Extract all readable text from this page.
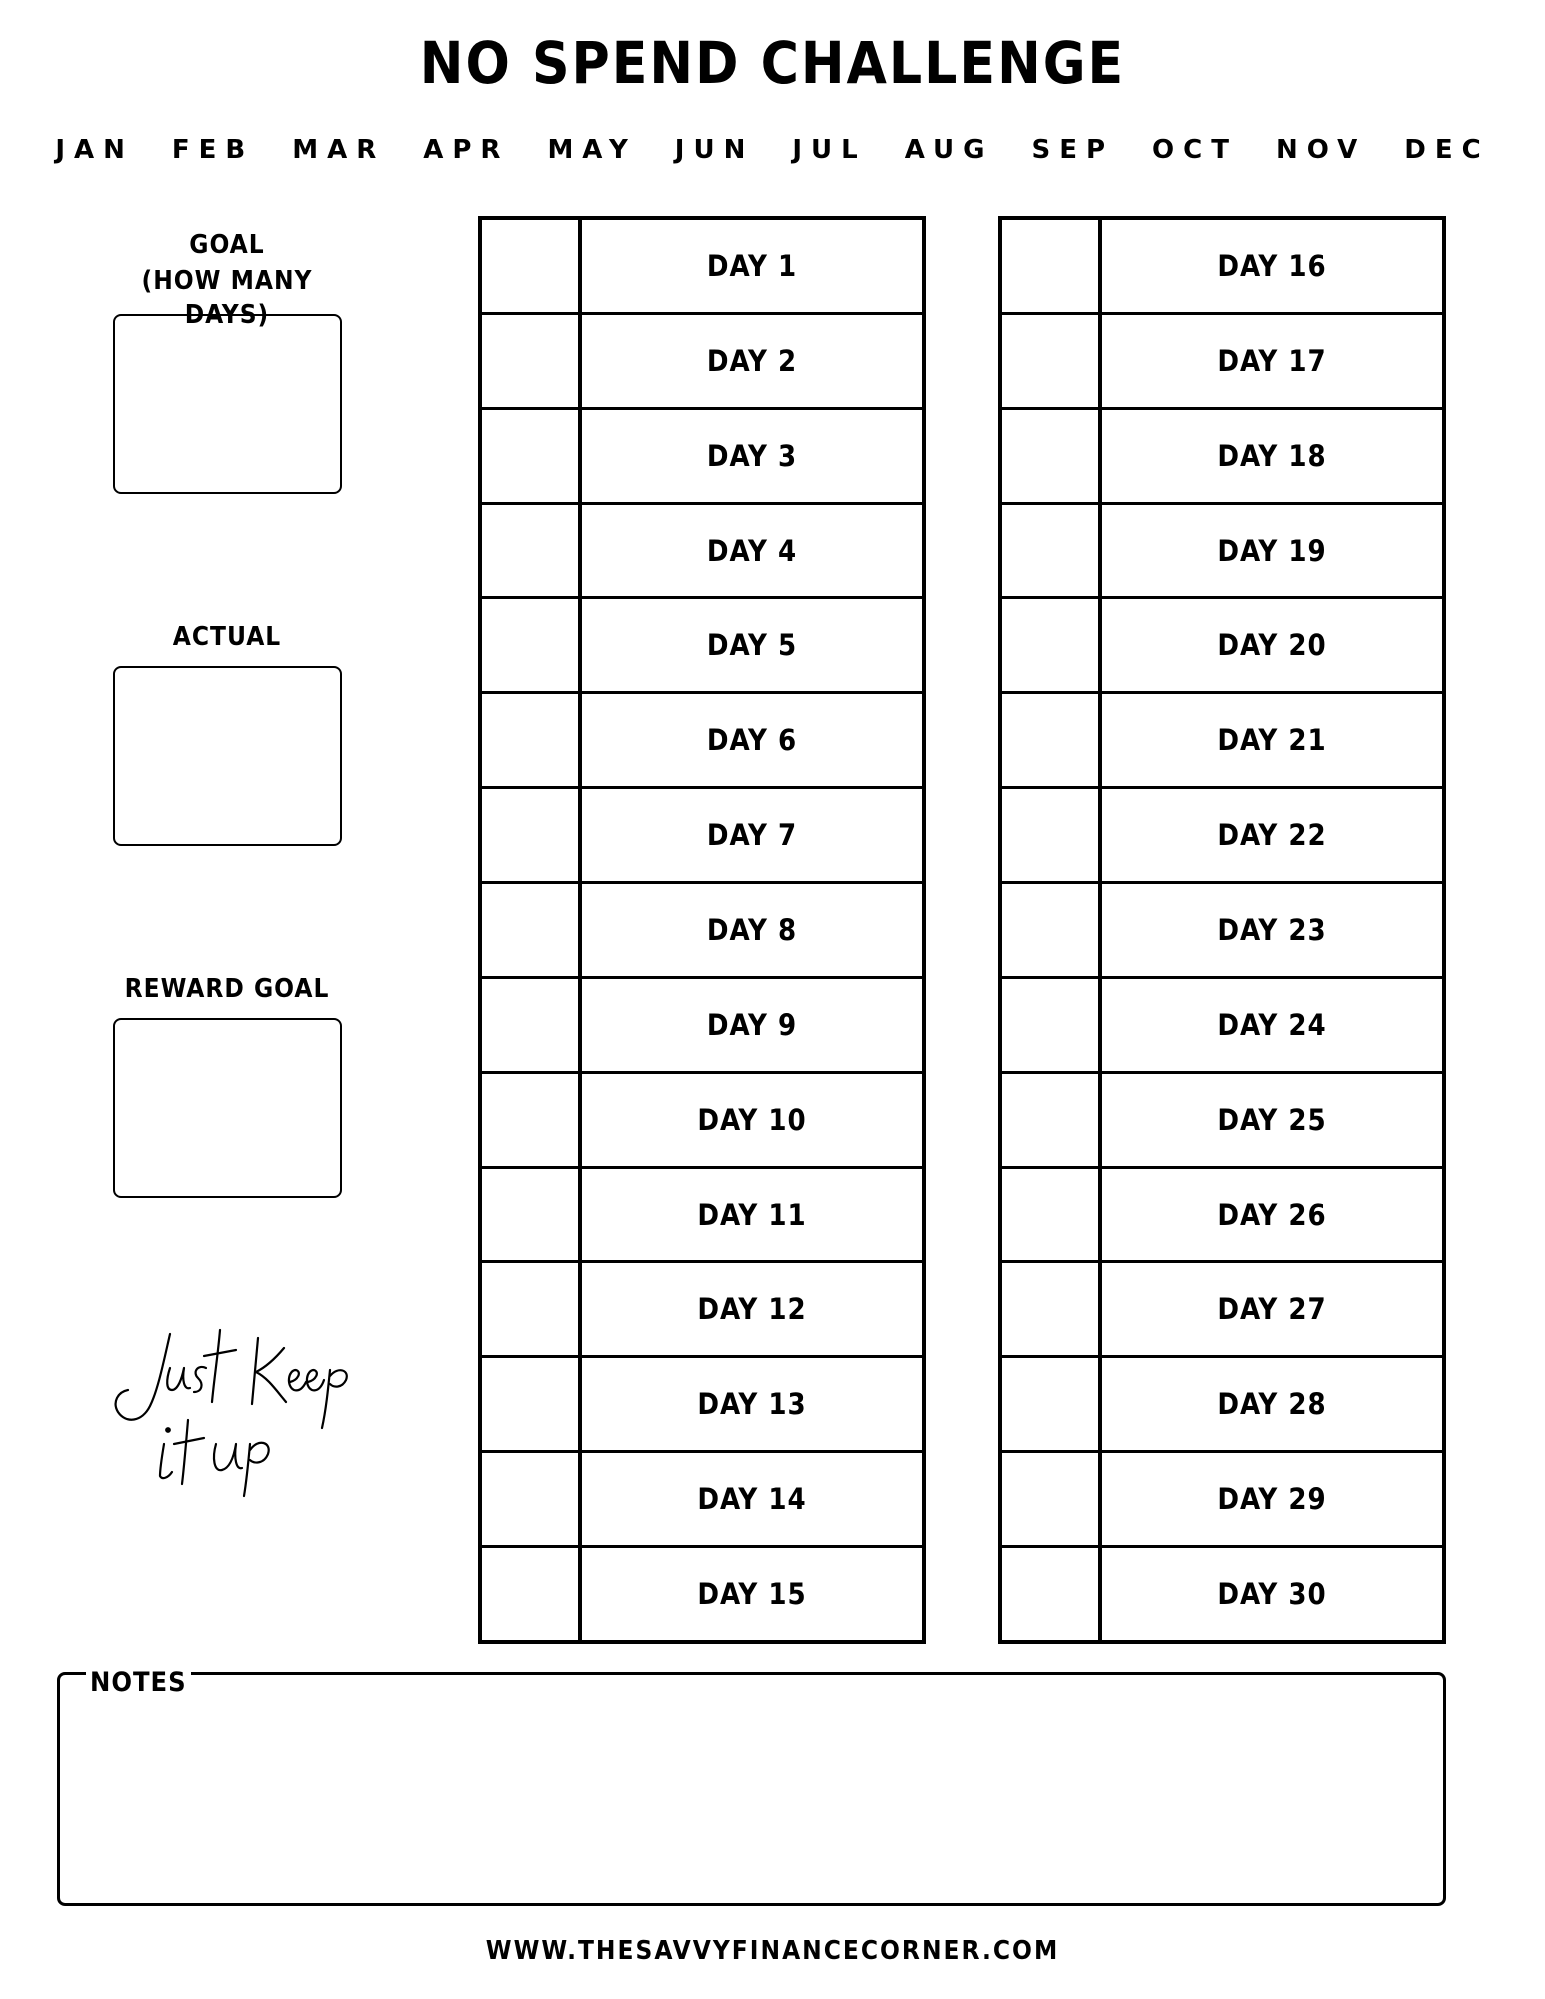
NO SPEND CHALLENGE
JAN FEB MAR APR MAY JUN JUL AUG SEP OCT NOV DEC
GOAL
(HOW MANY DAYS)
ACTUAL
REWARD GOAL
DAY 1
DAY 2
DAY 3
DAY 4
DAY 5
DAY 6
DAY 7
DAY 8
DAY 9
DAY 10
DAY 11
DAY 12
DAY 13
DAY 14
DAY 15
DAY 16
DAY 17
DAY 18
DAY 19
DAY 20
DAY 21
DAY 22
DAY 23
DAY 24
DAY 25
DAY 26
DAY 27
DAY 28
DAY 29
DAY 30
NOTES
WWW.THESAVVYFINANCECORNER.COM
